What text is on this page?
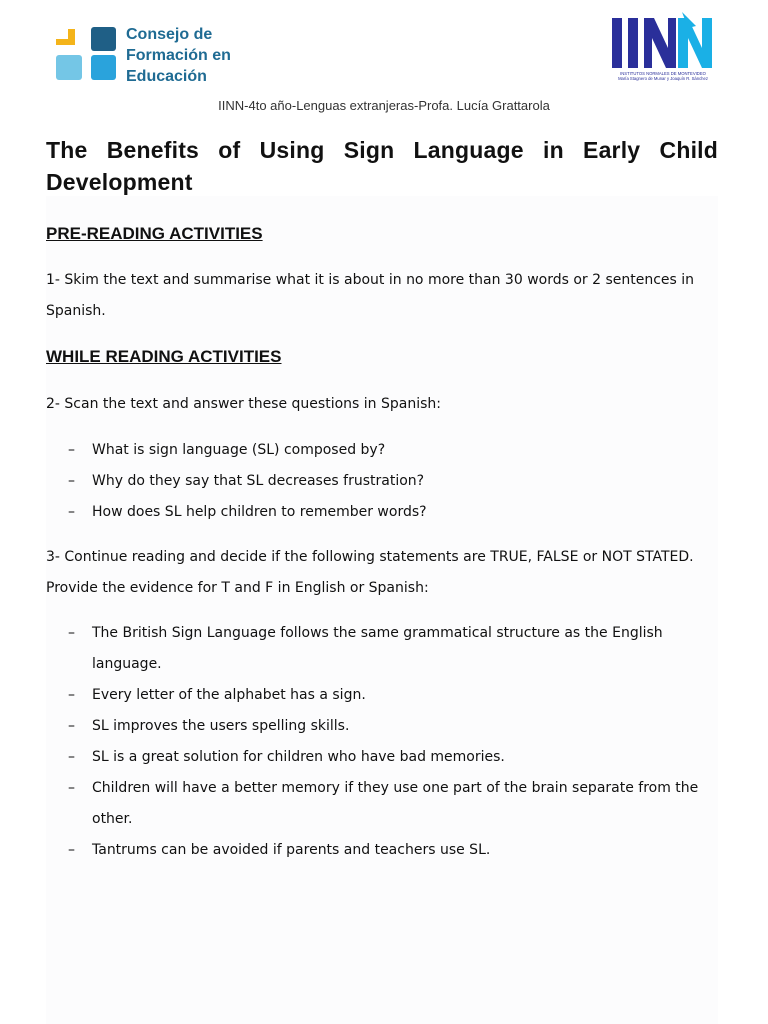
Consejo de
Formación en
Educación	INSTITUTOS NORMALES DE MONTEVIDEO
María Stagnero de Munar y Joaquín R. Sánchez
IINN-4to año-Lenguas extranjeras-Profa. Lucía Grattarola
The Benefits of Using Sign Language in Early Child Development
PRE-READING ACTIVITIES
1- Skim the text and summarise what it is about in no more than 30 words or 2 sentences in Spanish.
WHILE READING ACTIVITIES
2- Scan the text and answer these questions in Spanish:
– What is sign language (SL) composed by?
– Why do they say that SL decreases frustration?
– How does SL help children to remember words?
3- Continue reading and decide if the following statements are TRUE, FALSE or NOT STATED. Provide the evidence for T and F in English or Spanish:
– The British Sign Language follows the same grammatical structure as the English language.
– Every letter of the alphabet has a sign.
– SL improves the users spelling skills.
– SL is a great solution for children who have bad memories.
– Children will have a better memory if they use one part of the brain separate from the other.
– Tantrums can be avoided if parents and teachers use SL.
